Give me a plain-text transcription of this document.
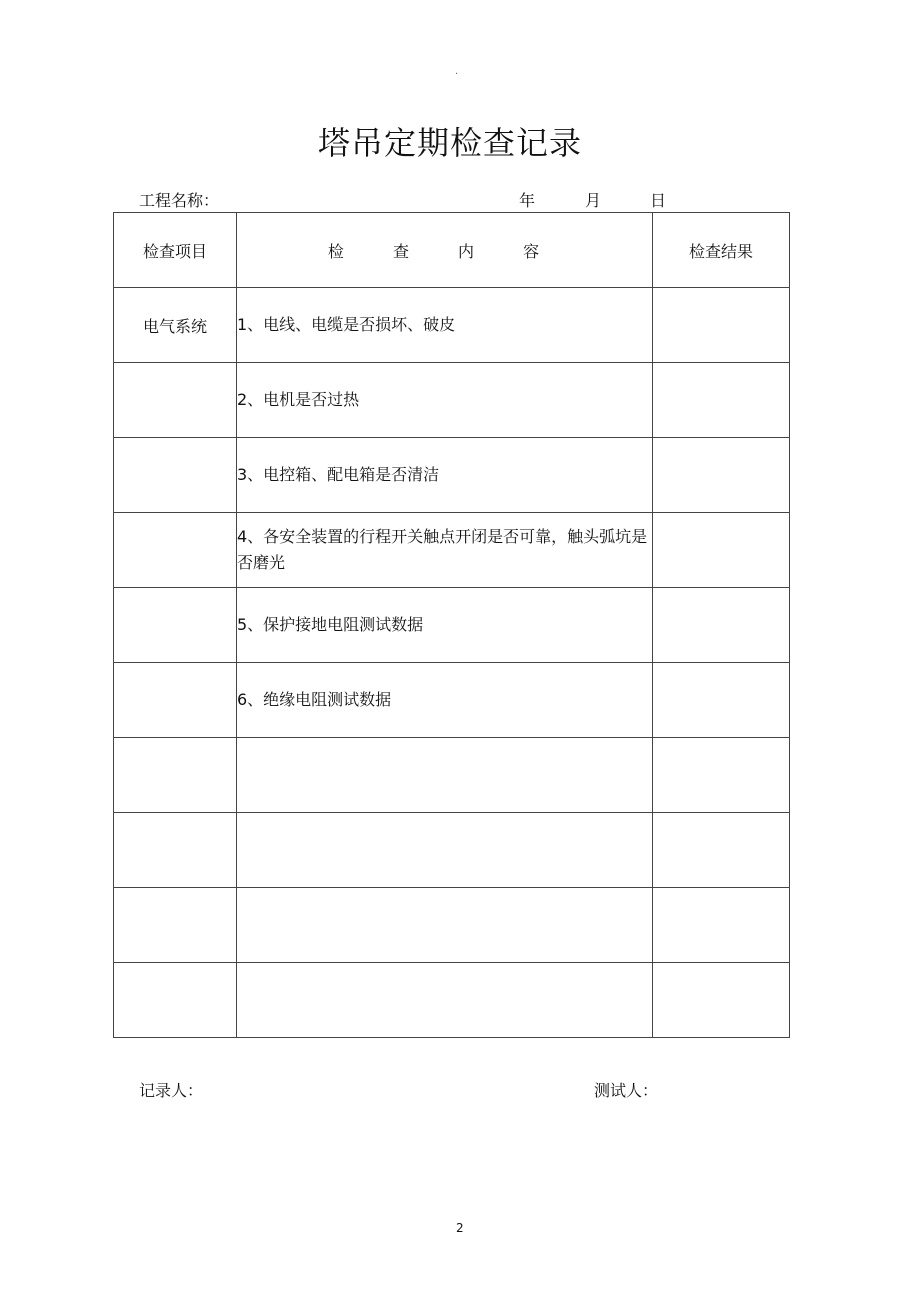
.
塔吊定期检查记录
工程名称：	年	月	日
检查项目	检 查 内 容	检查结果
电气系统	1、电线、电缆是否损坏、破皮	
	2、电机是否过热	
	3、电控箱、配电箱是否清洁	
	4、各安全装置的行程开关触点开闭是否可靠，触头弧坑是否磨光	
	5、保护接地电阻测试数据	
	6、绝缘电阻测试数据	

记录人：	测试人：
2
